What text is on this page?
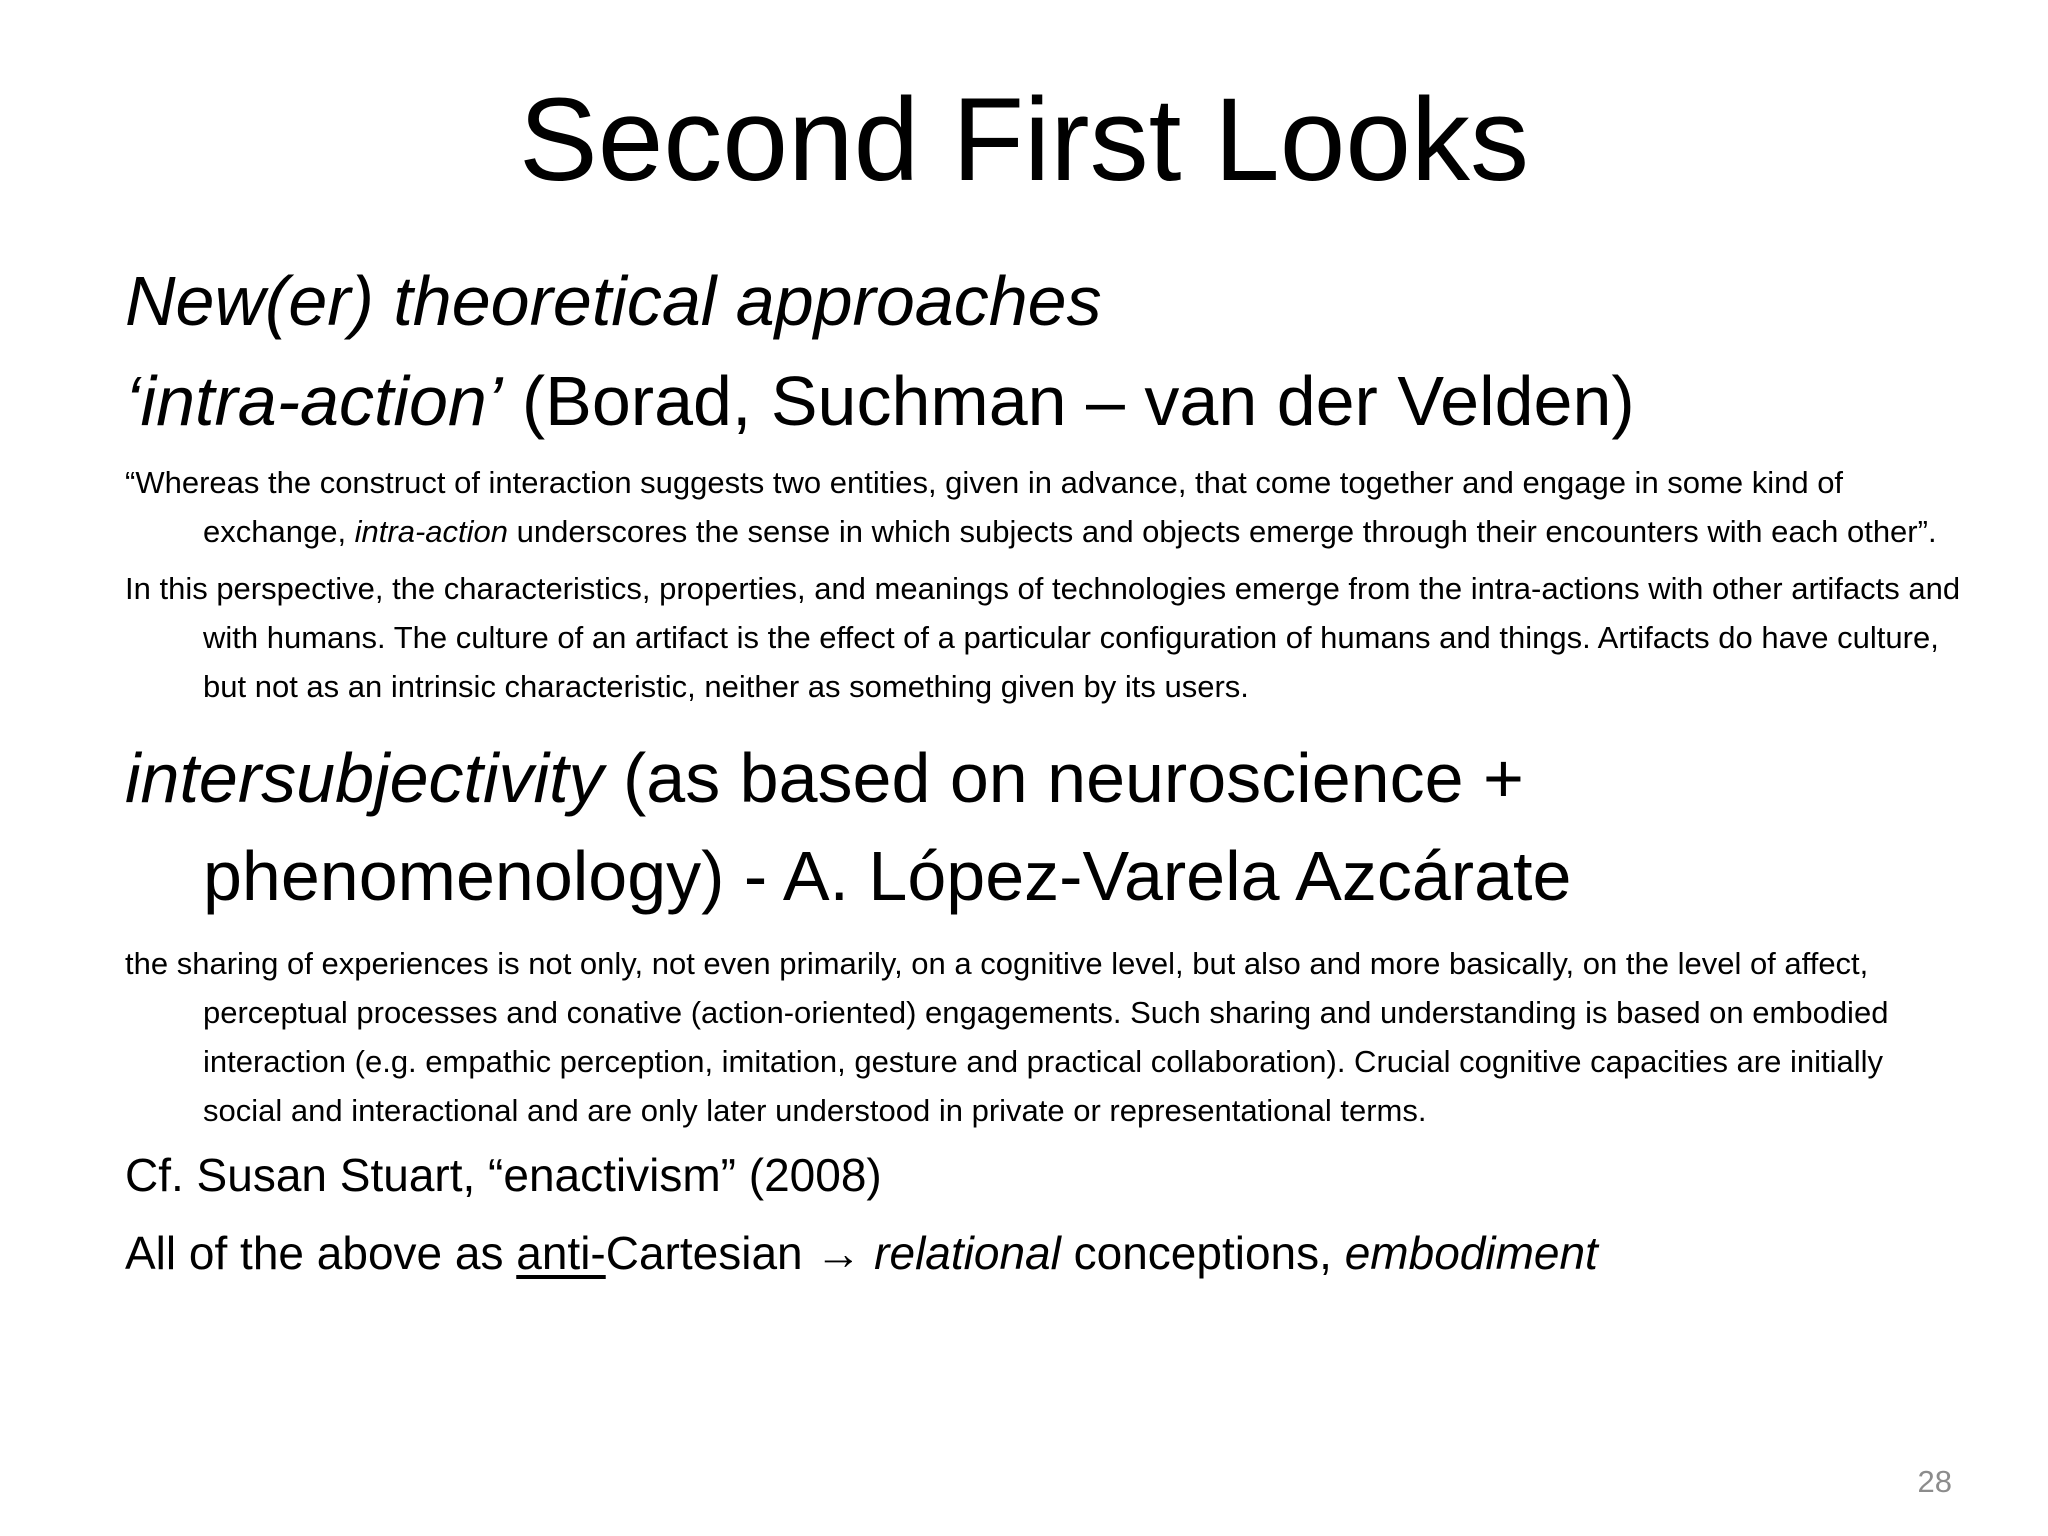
Second First Looks

New(er) theoretical approaches

‘intra-action’ (Borad, Suchman – van der Velden)

“Whereas the construct of interaction suggests two entities, given in advance, that come together and engage in some kind of exchange, intra-action underscores the sense in which subjects and objects emerge through their encounters with each other”.

In this perspective, the characteristics, properties, and meanings of technologies emerge from the intra-actions with other artifacts and with humans. The culture of an artifact is the effect of a particular configuration of humans and things. Artifacts do have culture, but not as an intrinsic characteristic, neither as something given by its users.

intersubjectivity (as based on neuroscience + phenomenology) - A. López-Varela Azcárate

the sharing of experiences is not only, not even primarily, on a cognitive level, but also and more basically, on the level of affect, perceptual processes and conative (action-oriented) engagements. Such sharing and understanding is based on embodied interaction (e.g. empathic perception, imitation, gesture and practical collaboration). Crucial cognitive capacities are initially social and interactional and are only later understood in private or representational terms.

Cf. Susan Stuart, “enactivism” (2008)

All of the above as anti-Cartesian → relational conceptions, embodiment

28
